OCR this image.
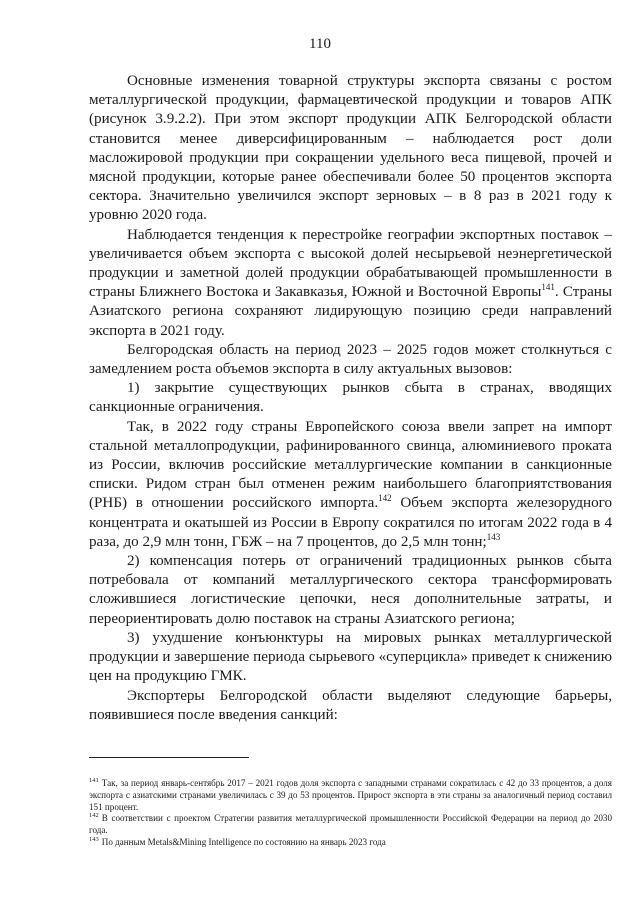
110

Основные изменения товарной структуры экспорта связаны с ростом металлургической продукции, фармацевтической продукции и товаров АПК (рисунок 3.9.2.2). При этом экспорт продукции АПК Белгородской области становится менее диверсифицированным – наблюдается рост доли масложировой продукции при сокращении удельного веса пищевой, прочей и мясной продукции, которые ранее обеспечивали более 50 процентов экспорта сектора. Значительно увеличился экспорт зерновых – в 8 раз в 2021 году к уровню 2020 года.

Наблюдается тенденция к перестройке географии экспортных поставок – увеличивается объем экспорта с высокой долей несырьевой неэнергетической продукции и заметной долей продукции обрабатывающей промышленности в страны Ближнего Востока и Закавказья, Южной и Восточной Европы$^{141}$. Страны Азиатского региона сохраняют лидирующую позицию среди направлений экспорта в 2021 году.

Белгородская область на период 2023 – 2025 годов может столкнуться с замедлением роста объемов экспорта в силу актуальных вызовов:

1) закрытие существующих рынков сбыта в странах, вводящих санкционные ограничения.

Так, в 2022 году страны Европейского союза ввели запрет на импорт стальной металлопродукции, рафинированного свинца, алюминиевого проката из России, включив российские металлургические компании в санкционные списки. Ридом стран был отменен режим наибольшего благоприятствования (РНБ) в отношении российского импорта.$^{142}$ Объем экспорта железорудного концентрата и окатышей из России в Европу сократился по итогам 2022 года в 4 раза, до 2,9 млн тонн, ГБЖ – на 7 процентов, до 2,5 млн тонн;$^{143}$

2) компенсация потерь от ограничений традиционных рынков сбыта потребовала от компаний металлургического сектора трансформировать сложившиеся логистические цепочки, неся дополнительные затраты, и переориентировать долю поставок на страны Азиатского региона;

3) ухудшение конъюнктуры на мировых рынках металлургической продукции и завершение периода сырьевого «суперцикла» приведет к снижению цен на продукцию ГМК.

Экспортеры Белгородской области выделяют следующие барьеры, появившиеся после введения санкций:

$^{141}$ Так, за период январь-сентябрь 2017 – 2021 годов доля экспорта с западными странами сократилась с 42 до 33 процентов, а доля экспорта с азиатскими странами увеличилась с 39 до 53 процентов. Прирост экспорта в эти страны за аналогичный период составил 151 процент.

$^{142}$ В соответствии с проектом Стратегии развития металлургической промышленности Российской Федерации на период до 2030 года.

$^{143}$ По данным Metals&Mining Intelligence по состоянию на январь 2023 года
